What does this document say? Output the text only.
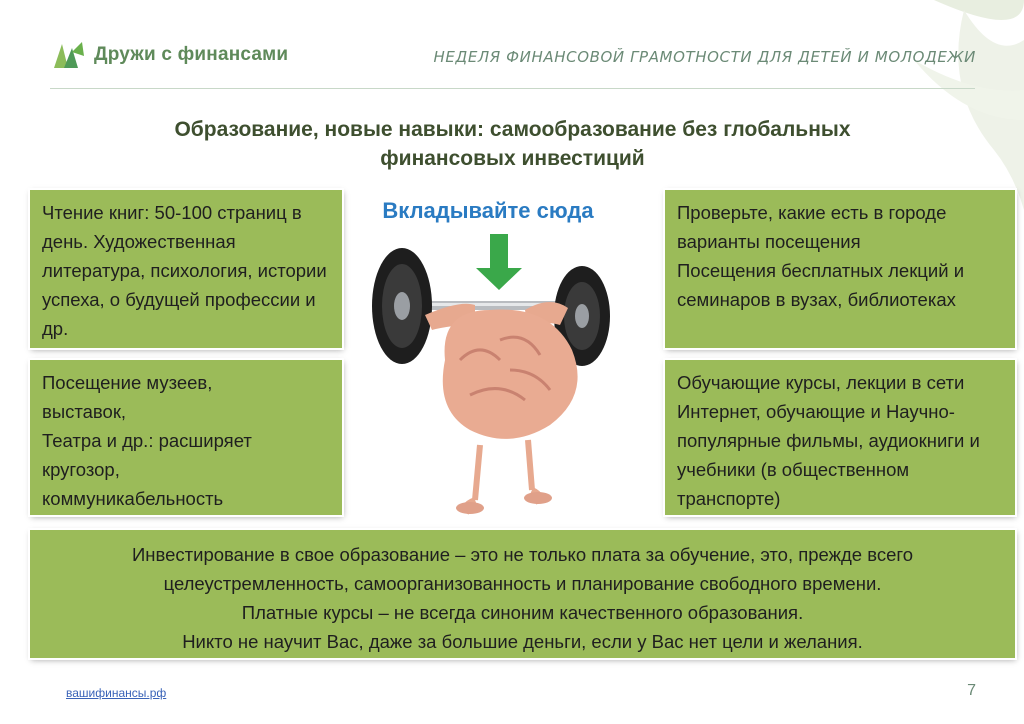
Дружи с финансами	НЕДЕЛЯ ФИНАНСОВОЙ ГРАМОТНОСТИ ДЛЯ ДЕТЕЙ И МОЛОДЕЖИ
Образование, новые навыки: самообразование без глобальных
финансовых инвестиций

Чтение книг: 50-100 страниц в день. Художественная литература, психология, истории успеха, о будущей профессии и др.

Посещение музеев,
выставок,
Театра и др.: расширяет
кругозор,
коммуникабельность

Проверьте, какие есть в городе
варианты посещения
Посещения бесплатных лекций и семинаров в вузах, библиотеках

Обучающие курсы, лекции в сети Интернет, обучающие и Научно-популярные фильмы, аудиокниги и учебники (в общественном транспорте)

Инвестирование в свое образование – это не только плата за обучение, это, прежде всего целеустремленность, самоорганизованность и планирование свободного времени.
Платные курсы – не всегда синоним качественного образования.
Никто не научит Вас, даже за большие деньги, если у Вас нет цели и желания.

Вкладывайте сюда
вашифинансы.рф	7
